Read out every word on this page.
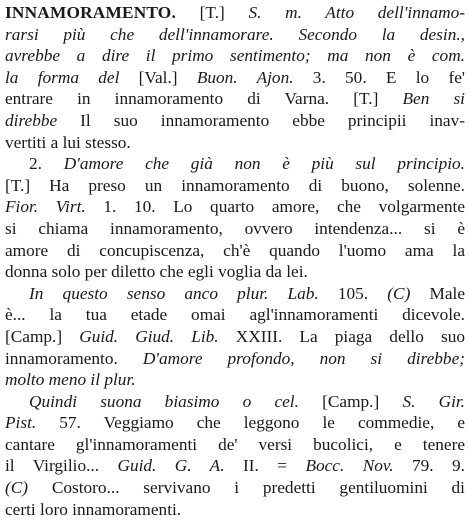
INNAMORAMENTO. [T.] S. m. Atto dell'innamo-
rarsi più che dell'innamorare. Secondo la desin.,
avrebbe a dire il primo sentimento; ma non è com.
la forma del [Val.] Buon. Ajon. 3. 50. E lo fe'
entrare in innamoramento di Varna. [T.] Ben si
direbbe Il suo innamoramento ebbe principii inav-
vertiti a lui stesso.
2. D'amore che già non è più sul principio.
[T.] Ha preso un innamoramento di buono, solenne.
Fior. Virt. 1. 10. Lo quarto amore, che volgarmente
si chiama innamoramento, ovvero intendenza... si è
amore di concupiscenza, ch'è quando l'uomo ama la
donna solo per diletto che egli voglia da lei.
In questo senso anco plur. Lab. 105. (C) Male
è... la tua etade omai agl'innamoramenti dicevole.
[Camp.] Guid. Giud. Lib. XXIII. La piaga dello suo
innamoramento. D'amore profondo, non si direbbe;
molto meno il plur.
Quindi suona biasimo o cel. [Camp.] S. Gir.
Pist. 57. Veggiamo che leggono le commedie, e
cantare gl'innamoramenti de' versi bucolici, e tenere
il Virgilio... Guid. G. A. II. = Bocc. Nov. 79. 9.
(C) Costoro... servivano i predetti gentiluomini di
certi loro innamoramenti.
